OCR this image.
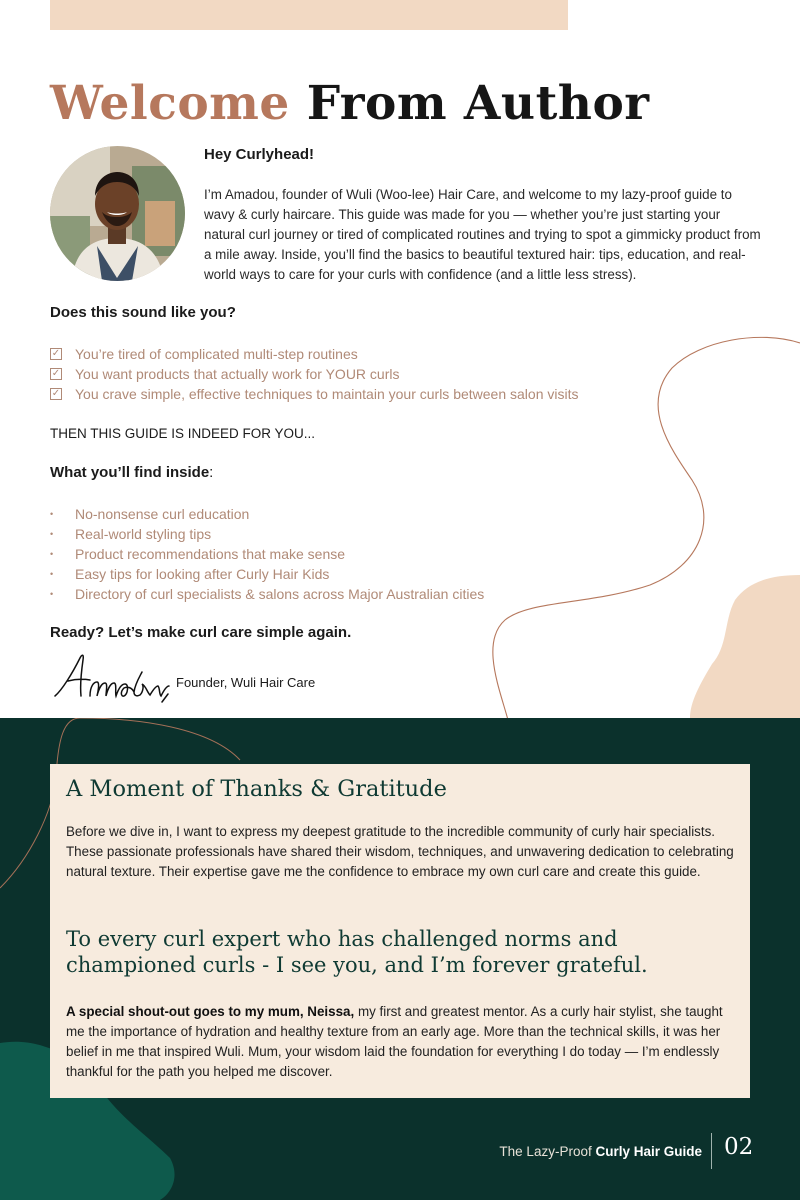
Welcome From Author
Hey Curlyhead!

I’m Amadou, founder of Wuli (Woo-lee) Hair Care, and welcome to my lazy-proof guide to wavy & curly haircare. This guide was made for you — whether you’re just starting your natural curl journey or tired of complicated routines and trying to spot a gimmicky product from a mile away. Inside, you’ll find the basics to beautiful textured hair: tips, education, and real-world ways to care for your curls with confidence (and a little less stress).

Does this sound like you?
✓ You’re tired of complicated multi-step routines
✓ You want products that actually work for YOUR curls
✓ You crave simple, effective techniques to maintain your curls between salon visits
THEN THIS GUIDE IS INDEED FOR YOU...
What you’ll find inside:
•	No-nonsense curl education
•	Real-world styling tips
•	Product recommendations that make sense
•	Easy tips for looking after Curly Hair Kids
•	Directory of curl specialists & salons across Major Australian cities
Ready? Let’s make curl care simple again.
Founder, Wuli Hair Care
A Moment of Thanks & Gratitude

Before we dive in, I want to express my deepest gratitude to the incredible community of curly hair specialists. These passionate professionals have shared their wisdom, techniques, and unwavering dedication to celebrating natural texture. Their expertise gave me the confidence to embrace my own curl care and create this guide.

To every curl expert who has challenged norms and championed curls - I see you, and I’m forever grateful.

A special shout-out goes to my mum, Neissa, my first and greatest mentor. As a curly hair stylist, she taught me the importance of hydration and healthy texture from an early age. More than the technical skills, it was her belief in me that inspired Wuli. Mum, your wisdom laid the foundation for everything I do today — I’m endlessly thankful for the path you helped me discover.

The Lazy-Proof Curly Hair Guide 02
